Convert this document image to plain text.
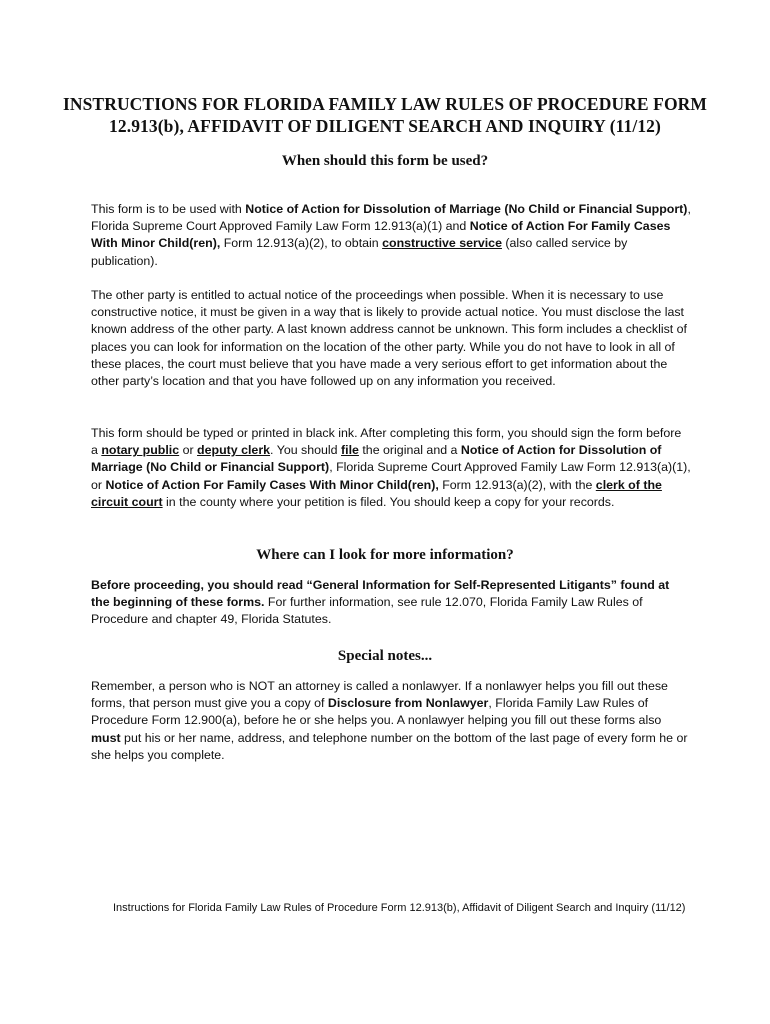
INSTRUCTIONS FOR FLORIDA FAMILY LAW RULES OF PROCEDURE FORM
12.913(b), AFFIDAVIT OF DILIGENT SEARCH AND INQUIRY (11/12)
When should this form be used?

This form is to be used with Notice of Action for Dissolution of Marriage (No Child or Financial Support), Florida Supreme Court Approved Family Law Form 12.913(a)(1) and Notice of Action For Family Cases With Minor Child(ren), Form 12.913(a)(2), to obtain constructive service (also called service by publication).

The other party is entitled to actual notice of the proceedings when possible. When it is necessary to use constructive notice, it must be given in a way that is likely to provide actual notice. You must disclose the last known address of the other party. A last known address cannot be unknown. This form includes a checklist of places you can look for information on the location of the other party. While you do not have to look in all of these places, the court must believe that you have made a very serious effort to get information about the other party’s location and that you have followed up on any information you received.

This form should be typed or printed in black ink. After completing this form, you should sign the form before a notary public or deputy clerk. You should file the original and a Notice of Action for Dissolution of Marriage (No Child or Financial Support), Florida Supreme Court Approved Family Law Form 12.913(a)(1), or Notice of Action For Family Cases With Minor Child(ren), Form 12.913(a)(2), with the clerk of the circuit court in the county where your petition is filed. You should keep a copy for your records.

Where can I look for more information?

Before proceeding, you should read “General Information for Self-Represented Litigants” found at the beginning of these forms. For further information, see rule 12.070, Florida Family Law Rules of Procedure and chapter 49, Florida Statutes.

Special notes...

Remember, a person who is NOT an attorney is called a nonlawyer. If a nonlawyer helps you fill out these forms, that person must give you a copy of Disclosure from Nonlawyer, Florida Family Law Rules of Procedure Form 12.900(a), before he or she helps you. A nonlawyer helping you fill out these forms also must put his or her name, address, and telephone number on the bottom of the last page of every form he or she helps you complete.

Instructions for Florida Family Law Rules of Procedure Form 12.913(b), Affidavit of Diligent Search and Inquiry (11/12)
